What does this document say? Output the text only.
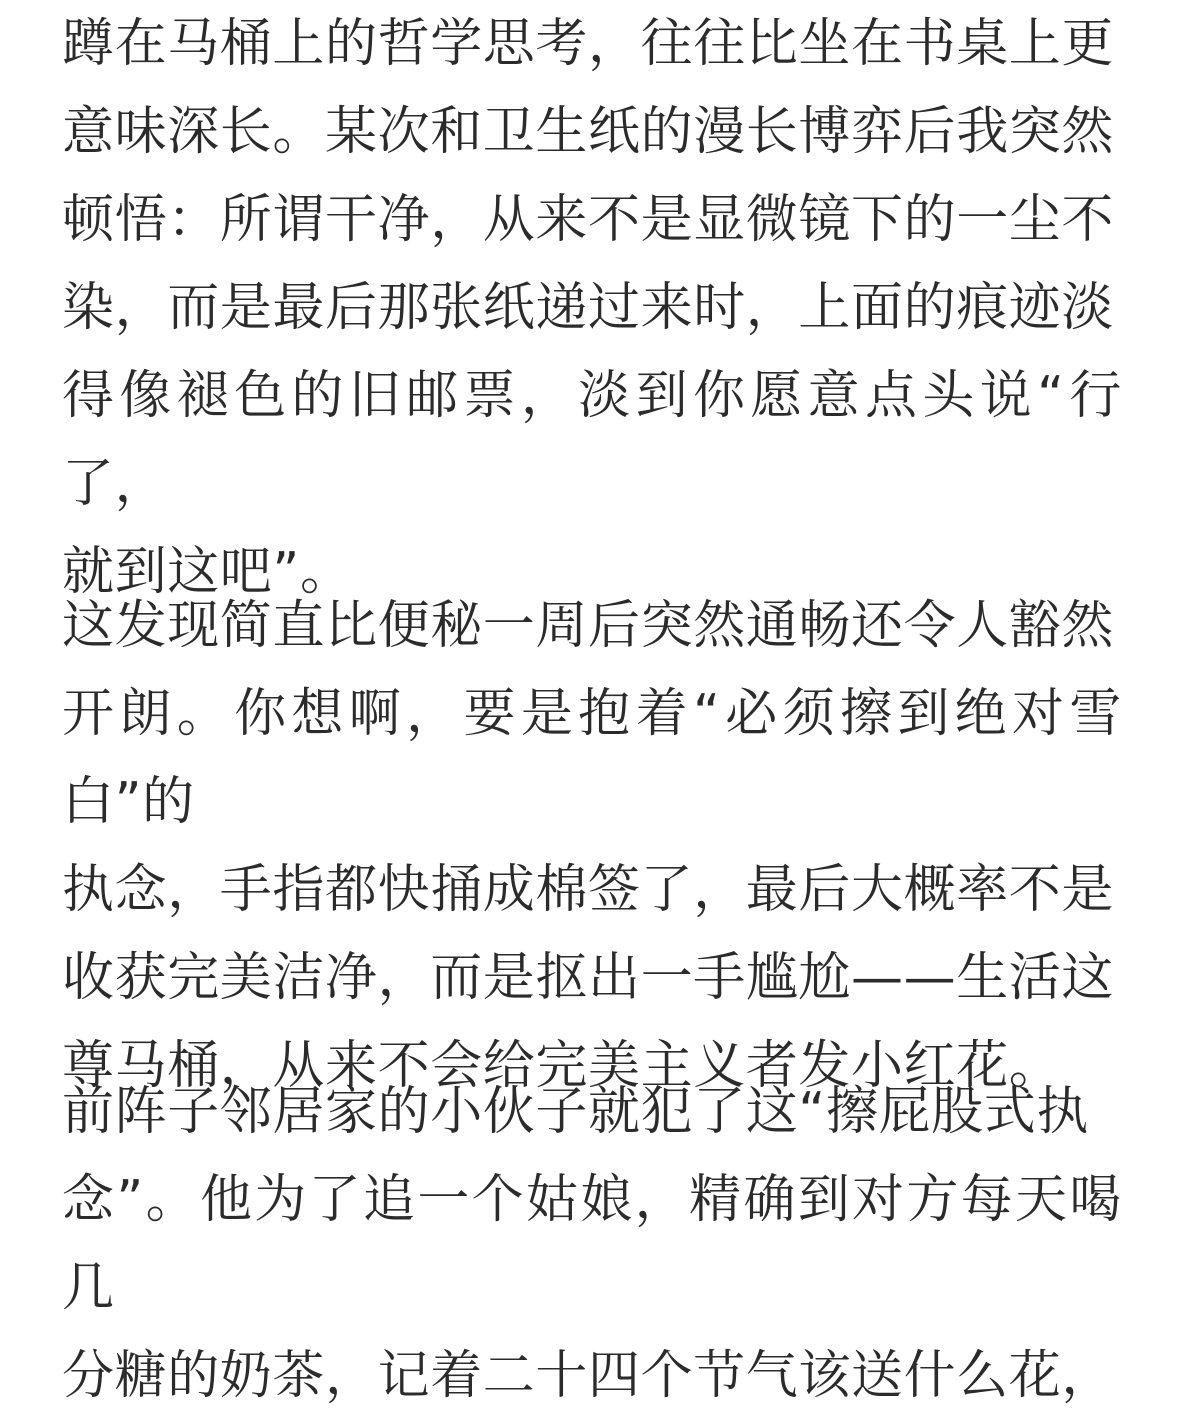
蹲在马桶上的哲学思考，往往比坐在书桌上更
意味深长。某次和卫生纸的漫长博弈后我突然
顿悟：所谓干净，从来不是显微镜下的一尘不
染，而是最后那张纸递过来时，上面的痕迹淡
得像褪色的旧邮票，淡到你愿意点头说“行了，
就到这吧”。

这发现简直比便秘一周后突然通畅还令人豁然
开朗。你想啊，要是抱着“必须擦到绝对雪白”的
执念，手指都快捅成棉签了，最后大概率不是
收获完美洁净，而是抠出一手尴尬——生活这
尊马桶，从来不会给完美主义者发小红花。

前阵子邻居家的小伙子就犯了这“擦屁股式执
念”。他为了追一个姑娘，精确到对方每天喝几
分糖的奶茶，记着二十四个节气该送什么花，
